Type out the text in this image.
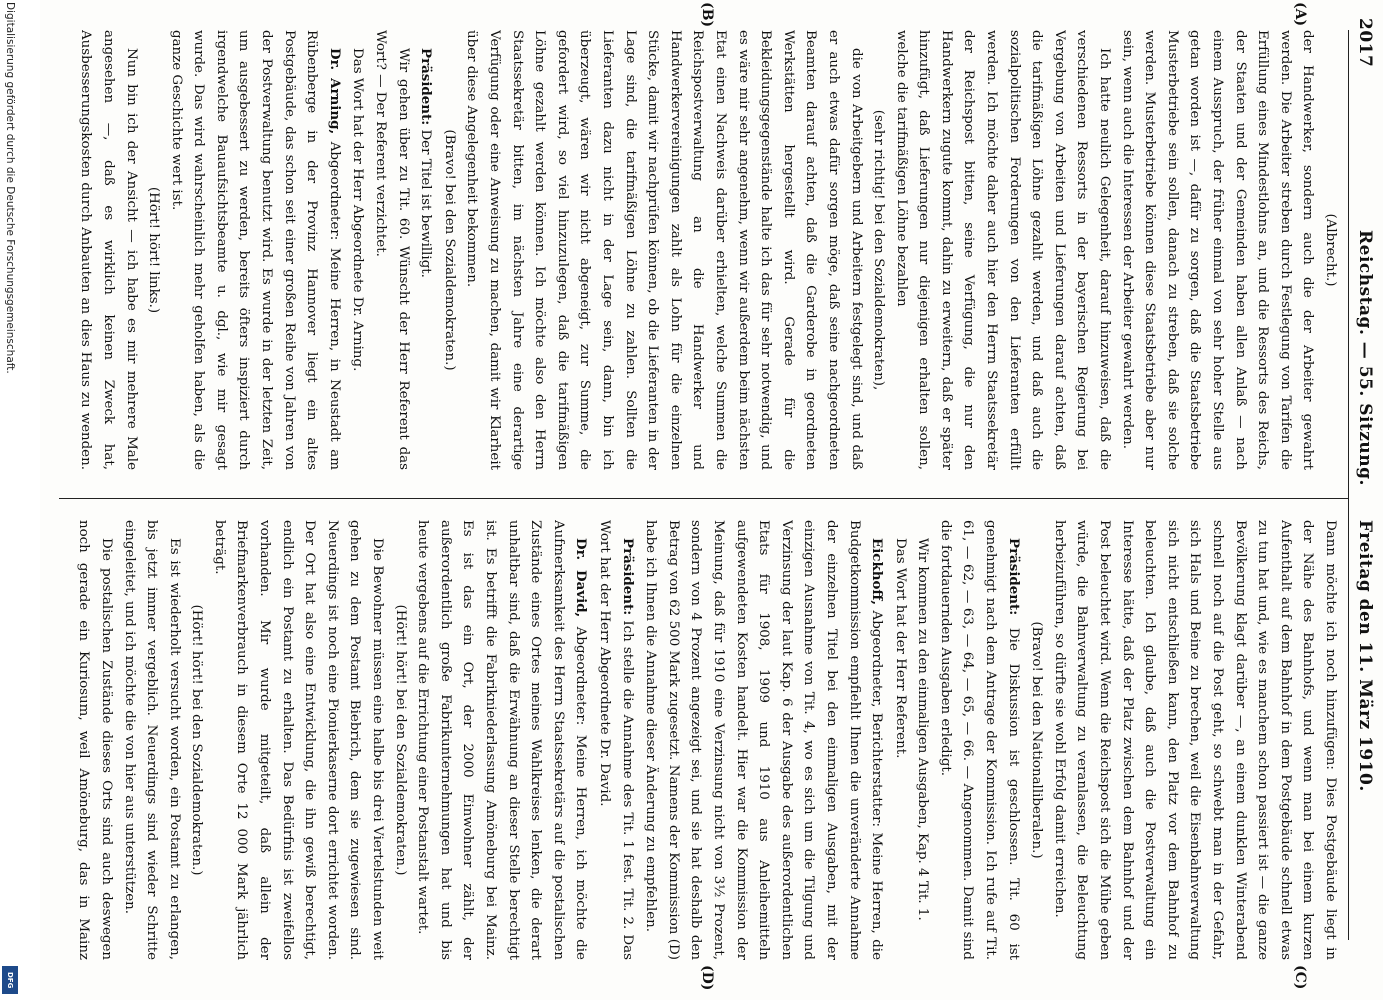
Digitalisierung gefördert durch die Deutsche Forschungsgemeinschaft.
DFG
2017
Reichstag. — 55. Sitzung.
Freitag den 11. März 1910.
(A)
(B)
(C)
(D)

(Albrecht.)

der Handwerker, sondern auch die der Arbeiter gewahrt werden. Die Arbeiter streben durch Festlegung von Tarifen die Erfüllung eines Mindestlohns an, und die Ressorts des Reichs, der Staaten und der Gemeinden haben allen Anlaß — nach einem Ausspruch, der früher einmal von sehr hoher Stelle aus getan worden ist —, dafür zu sorgen, daß die Staatsbetriebe Musterbetriebe sein sollen, danach zu streben, daß sie solche werden. Musterbetriebe können diese Staatsbetriebe aber nur sein, wenn auch die Interessen der Arbeiter gewahrt werden.

Ich hatte neulich Gelegenheit, darauf hinzuweisen, daß die verschiedenen Ressorts in der bayerischen Regierung bei Vergebung von Arbeiten und Lieferungen darauf achten, daß die tarifmäßigen Löhne gezahlt werden, und daß auch die sozialpolitischen Forderungen von den Lieferanten erfüllt werden. Ich möchte daher auch hier den Herrn Staatssekretär der Reichspost bitten, seine Verfügung, die nur den Handwerkern zugute kommt, dahin zu erweitern, daß er später hinzufügt, daß Lieferungen nur diejenigen erhalten sollen, welche die tarifmäßigen Löhne bezahlen

(sehr richtig! bei den Sozialdemokraten),

die von Arbeitgebern und Arbeitern festgelegt sind, und daß er auch etwas dafür sorgen möge, daß seine nachgeordneten Beamten darauf achten, daß die Garderobe in geordneten Werkstätten hergestellt wird. Gerade für die Bekleidungsgegenstände halte ich das für sehr notwendig, und es wäre mir sehr angenehm, wenn wir außerdem beim nächsten Etat einen Nachweis darüber erhielten, welche Summen die Reichspostverwaltung an die Handwerker und Handwerkervereinigungen zahlt als Lohn für die einzelnen Stücke, damit wir nachprüfen können, ob die Lieferanten in der Lage sind, die tarifmäßigen Löhne zu zahlen. Sollten die Lieferanten dazu nicht in der Lage sein, dann, bin ich überzeugt, wären wir nicht abgeneigt, zur Summe, die gefordert wird, so viel hinzuzulegen, daß die tarifmäßigen Löhne gezahlt werden können. Ich möchte also den Herrn Staatssekretär bitten, im nächsten Jahre eine derartige Verfügung oder eine Anweisung zu machen, damit wir Klarheit über diese Angelegenheit bekommen.

(Bravo! bei den Sozialdemokraten.)

Präsident: Der Titel ist bewilligt.

Wir gehen über zu Tit. 60. Wünscht der Herr Referent das Wort? — Der Referent verzichtet.

Das Wort hat der Herr Abgeordnete Dr. Arning.

Dr. Arning, Abgeordneter: Meine Herren, in Neustadt am Rübenberge in der Provinz Hannover liegt ein altes Postgebäude, das schon seit einer großen Reihe von Jahren von der Postverwaltung benutzt wird. Es wurde in der letzten Zeit, um ausgebessert zu werden, bereits öfters inspiziert durch irgendwelche Bauaufsichtsbeamte u. dgl., wie mir gesagt wurde. Das wird wahrscheinlich mehr geholfen haben, als die ganze Geschichte wert ist.

(Hört! hört! links.)

Nun bin ich der Ansicht — ich habe es mir mehrere Male angesehen —, daß es wirklich keinen Zweck hat, Ausbesserungskosten durch Anbauten an dies Haus zu wenden.

Dann möchte ich noch hinzufügen: Dies Postgebäude liegt in der Nähe des Bahnhofs, und wenn man bei einem kurzen Aufenthalt auf dem Bahnhof in dem Postgebäude schnell etwas zu tun hat und, wie es manchem schon passiert ist — die ganze Bevölkerung klagt darüber —, an einem dunklen Winterabend schnell noch auf die Post geht, so schwebt man in der Gefahr, sich Hals und Beine zu brechen, weil die Eisenbahnverwaltung sich nicht entschließen kann, den Platz vor dem Bahnhof zu beleuchten. Ich glaube, daß auch die Postverwaltung ein Interesse hätte, daß der Platz zwischen dem Bahnhof und der Post beleuchtet wird. Wenn die Reichspost sich die Mühe geben würde, die Bahnverwaltung zu veranlassen, die Beleuchtung herbeizuführen, so dürfte sie wohl Erfolg damit erreichen.

(Bravo! bei den Nationalliberalen.)

Präsident: Die Diskussion ist geschlossen. Tit. 60 ist genehmigt nach dem Antrage der Kommission. Ich rufe auf Tit. 61, — 62, — 63, — 64, — 65, — 66. — Angenommen. Damit sind die fortdauernden Ausgaben erledigt.

Wir kommen zu den einmaligen Ausgaben, Kap. 4 Tit. 1.

Das Wort hat der Herr Referent.

Eickhoff, Abgeordneter, Berichterstatter: Meine Herren, die Budgetkommission empfiehlt Ihnen die unveränderte Annahme der einzelnen Titel bei den einmaligen Ausgaben, mit der einzigen Ausnahme von Tit. 4, wo es sich um die Tilgung und Verzinsung der laut Kap. 6 der Ausgabe des außerordentlichen Etats für 1908, 1909 und 1910 aus Anleihemitteln aufgewendeten Kosten handelt. Hier war die Kommission der Meinung, daß für 1910 eine Verzinsung nicht von 3½ Prozent, sondern von 4 Prozent angezeigt sei, und sie hat deshalb den Betrag von 62 500 Mark zugesetzt. Namens der Kommission (D) habe ich Ihnen die Annahme dieser Änderung zu empfehlen.

Präsident: Ich stelle die Annahme des Tit. 1 fest. Tit. 2. Das Wort hat der Herr Abgeordnete Dr. David.

Dr. David, Abgeordneter: Meine Herren, ich möchte die Aufmerksamkeit des Herrn Staatssekretärs auf die postalischen Zustände eines Ortes meines Wahlkreises lenken, die derart unhaltbar sind, daß die Erwähnung an dieser Stelle berechtigt ist. Es betrifft die Fabrikniederlassung Amöneburg bei Mainz. Es ist das ein Ort, der 2000 Einwohner zählt, der außerordentlich große Fabrikunternehmungen hat und bis heute vergebens auf die Errichtung einer Postanstalt wartet.

(Hört! hört! bei den Sozialdemokraten.)

Die Bewohner müssen eine halbe bis drei Viertelstunden weit gehen zu dem Postamt Biebrich, dem sie zugewiesen sind. Neuerdings ist noch eine Pionierkaserne dort errichtet worden. Der Ort hat also eine Entwicklung, die ihn gewiß berechtigt, endlich ein Postamt zu erhalten. Das Bedürfnis ist zweifellos vorhanden. Mir wurde mitgeteilt, daß allein der Briefmarkenverbrauch in diesem Orte 12 000 Mark jährlich beträgt.

(Hört! hört! bei den Sozialdemokraten.)

Es ist wiederholt versucht worden, ein Postamt zu erlangen, bis jetzt immer vergeblich. Neuerdings sind wieder Schritte eingeleitet, und ich möchte die von hier aus unterstützen.

Die postalischen Zustände dieses Orts sind auch deswegen noch gerade ein Kuriosum, weil Amöneburg, das in Mainz
